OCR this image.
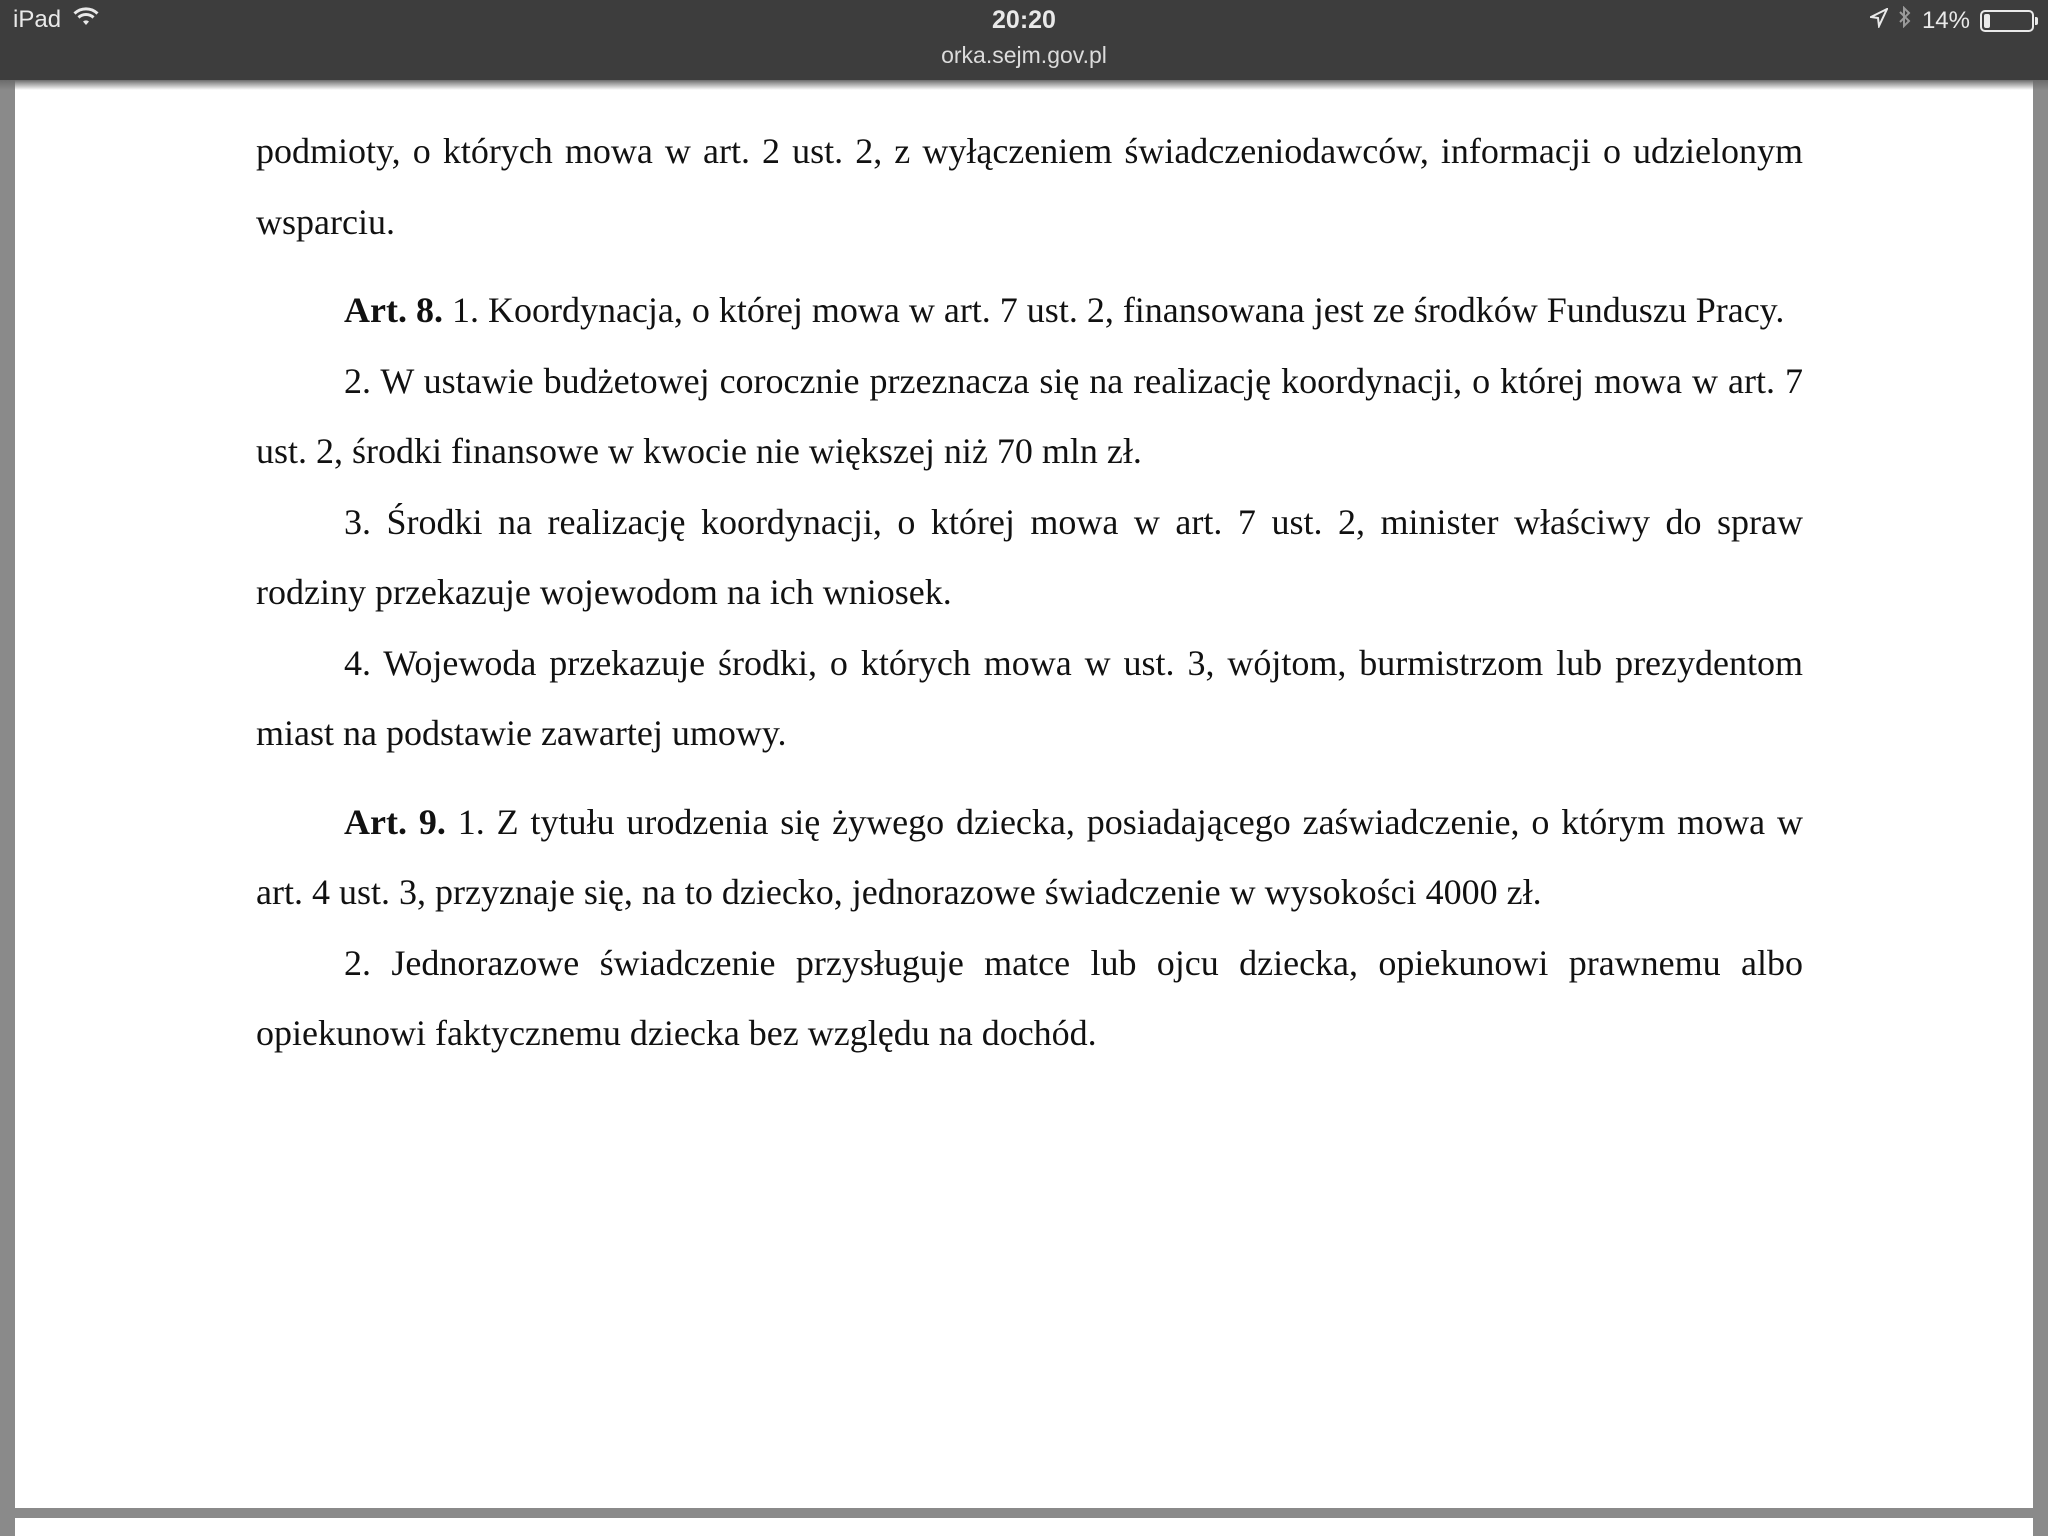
iPad	20:20	14%
orka.sejm.gov.pl

podmioty, o których mowa w art. 2 ust. 2, z wyłączeniem świadczeniodawców, informacji o udzielonym wsparciu.

Art. 8. 1. Koordynacja, o której mowa w art. 7 ust. 2, finansowana jest ze środków Funduszu Pracy.

2. W ustawie budżetowej corocznie przeznacza się na realizację koordynacji, o której mowa w art. 7 ust. 2, środki finansowe w kwocie nie większej niż 70 mln zł.

3. Środki na realizację koordynacji, o której mowa w art. 7 ust. 2, minister właściwy do spraw rodziny przekazuje wojewodom na ich wniosek.

4. Wojewoda przekazuje środki, o których mowa w ust. 3, wójtom, burmistrzom lub prezydentom miast na podstawie zawartej umowy.

Art. 9. 1. Z tytułu urodzenia się żywego dziecka, posiadającego zaświadczenie, o którym mowa w art. 4 ust. 3, przyznaje się, na to dziecko, jednorazowe świadczenie w wysokości 4000 zł.

2. Jednorazowe świadczenie przysługuje matce lub ojcu dziecka, opiekunowi prawnemu albo opiekunowi faktycznemu dziecka bez względu na dochód.
